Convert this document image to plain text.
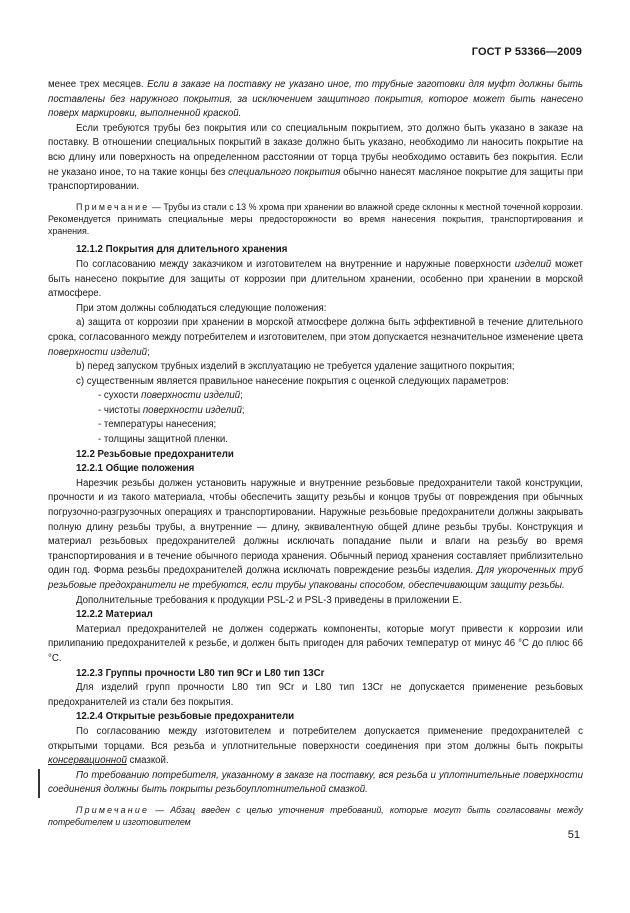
ГОСТ Р 53366—2009

менее трех месяцев. Если в заказе на поставку не указано иное, то трубные заготовки для муфт должны быть поставлены без наружного покрытия, за исключением защитного покрытия, которое может быть нанесено поверх маркировки, выполненной краской.

Если требуются трубы без покрытия или со специальным покрытием, это должно быть указано в заказе на поставку. В отношении специальных покрытий в заказе должно быть указано, необходимо ли наносить покрытие на всю длину или поверхность на определенном расстоянии от торца трубы необходимо оставить без покрытия. Если не указано иное, то на такие концы без специального покрытия обычно нанесят масляное покрытие для защиты при транспортировании.

Примечание — Трубы из стали с 13 % хрома при хранении во влажной среде склонны к местной точечной коррозии. Рекомендуется принимать специальные меры предосторожности во время нанесения покрытия, транспортирования и хранения.

12.1.2 Покрытия для длительного хранения

По согласованию между заказчиком и изготовителем на внутренние и наружные поверхности изделий может быть нанесено покрытие для защиты от коррозии при длительном хранении, особенно при хранении в морской атмосфере.

При этом должны соблюдаться следующие положения:

а) защита от коррозии при хранении в морской атмосфере должна быть эффективной в течение длительного срока, согласованного между потребителем и изготовителем, при этом допускается незначительное изменение цвета поверхности изделий;

b) перед запуском трубных изделий в эксплуатацию не требуется удаление защитного покрытия;

с) существенным является правильное нанесение покрытия с оценкой следующих параметров:

- сухости поверхности изделий;

- чистоты поверхности изделий;

- температуры нанесения;

- толщины защитной пленки.

12.2 Резьбовые предохранители

12.2.1 Общие положения

Нарезчик резьбы должен установить наружные и внутренние резьбовые предохранители такой конструкции, прочности и из такого материала, чтобы обеспечить защиту резьбы и концов трубы от повреждения при обычных погрузочно-разгрузочных операциях и транспортировании. Наружные резьбовые предохранители должны закрывать полную длину резьбы трубы, а внутренние — длину, эквивалентную общей длине резьбы трубы. Конструкция и материал резьбовых предохранителей должны исключать попадание пыли и влаги на резьбу во время транспортирования и в течение обычного периода хранения. Обычный период хранения составляет приблизительно один год. Форма резьбы предохранителей должна исключать повреждение резьбы изделия. Для укороченных труб резьбовые предохранители не требуются, если трубы упакованы способом, обеспечивающим защиту резьбы.

Дополнительные требования к продукции PSL-2 и PSL-3 приведены в приложении Е.

12.2.2 Материал

Материал предохранителей не должен содержать компоненты, которые могут привести к коррозии или прилипанию предохранителей к резьбе, и должен быть пригоден для рабочих температур от минус 46 °С до плюс 66 °С.

12.2.3 Группы прочности L80 тип 9Cr и L80 тип 13Cr

Для изделий групп прочности L80 тип 9Cr и L80 тип 13Cr не допускается применение резьбовых предохранителей из стали без покрытия.

12.2.4 Открытые резьбовые предохранители

По согласованию между изготовителем и потребителем допускается применение предохранителей с открытыми торцами. Вся резьба и уплотнительные поверхности соединения при этом должны быть покрыты консервационной смазкой.

По требованию потребителя, указанному в заказе на поставку, вся резьба и уплотнительные поверхности соединения должны быть покрыты резьбоуплотнительной смазкой.

Примечание — Абзац введен с целью уточнения требований, которые могут быть согласованы между потребителем и изготовителем

51
